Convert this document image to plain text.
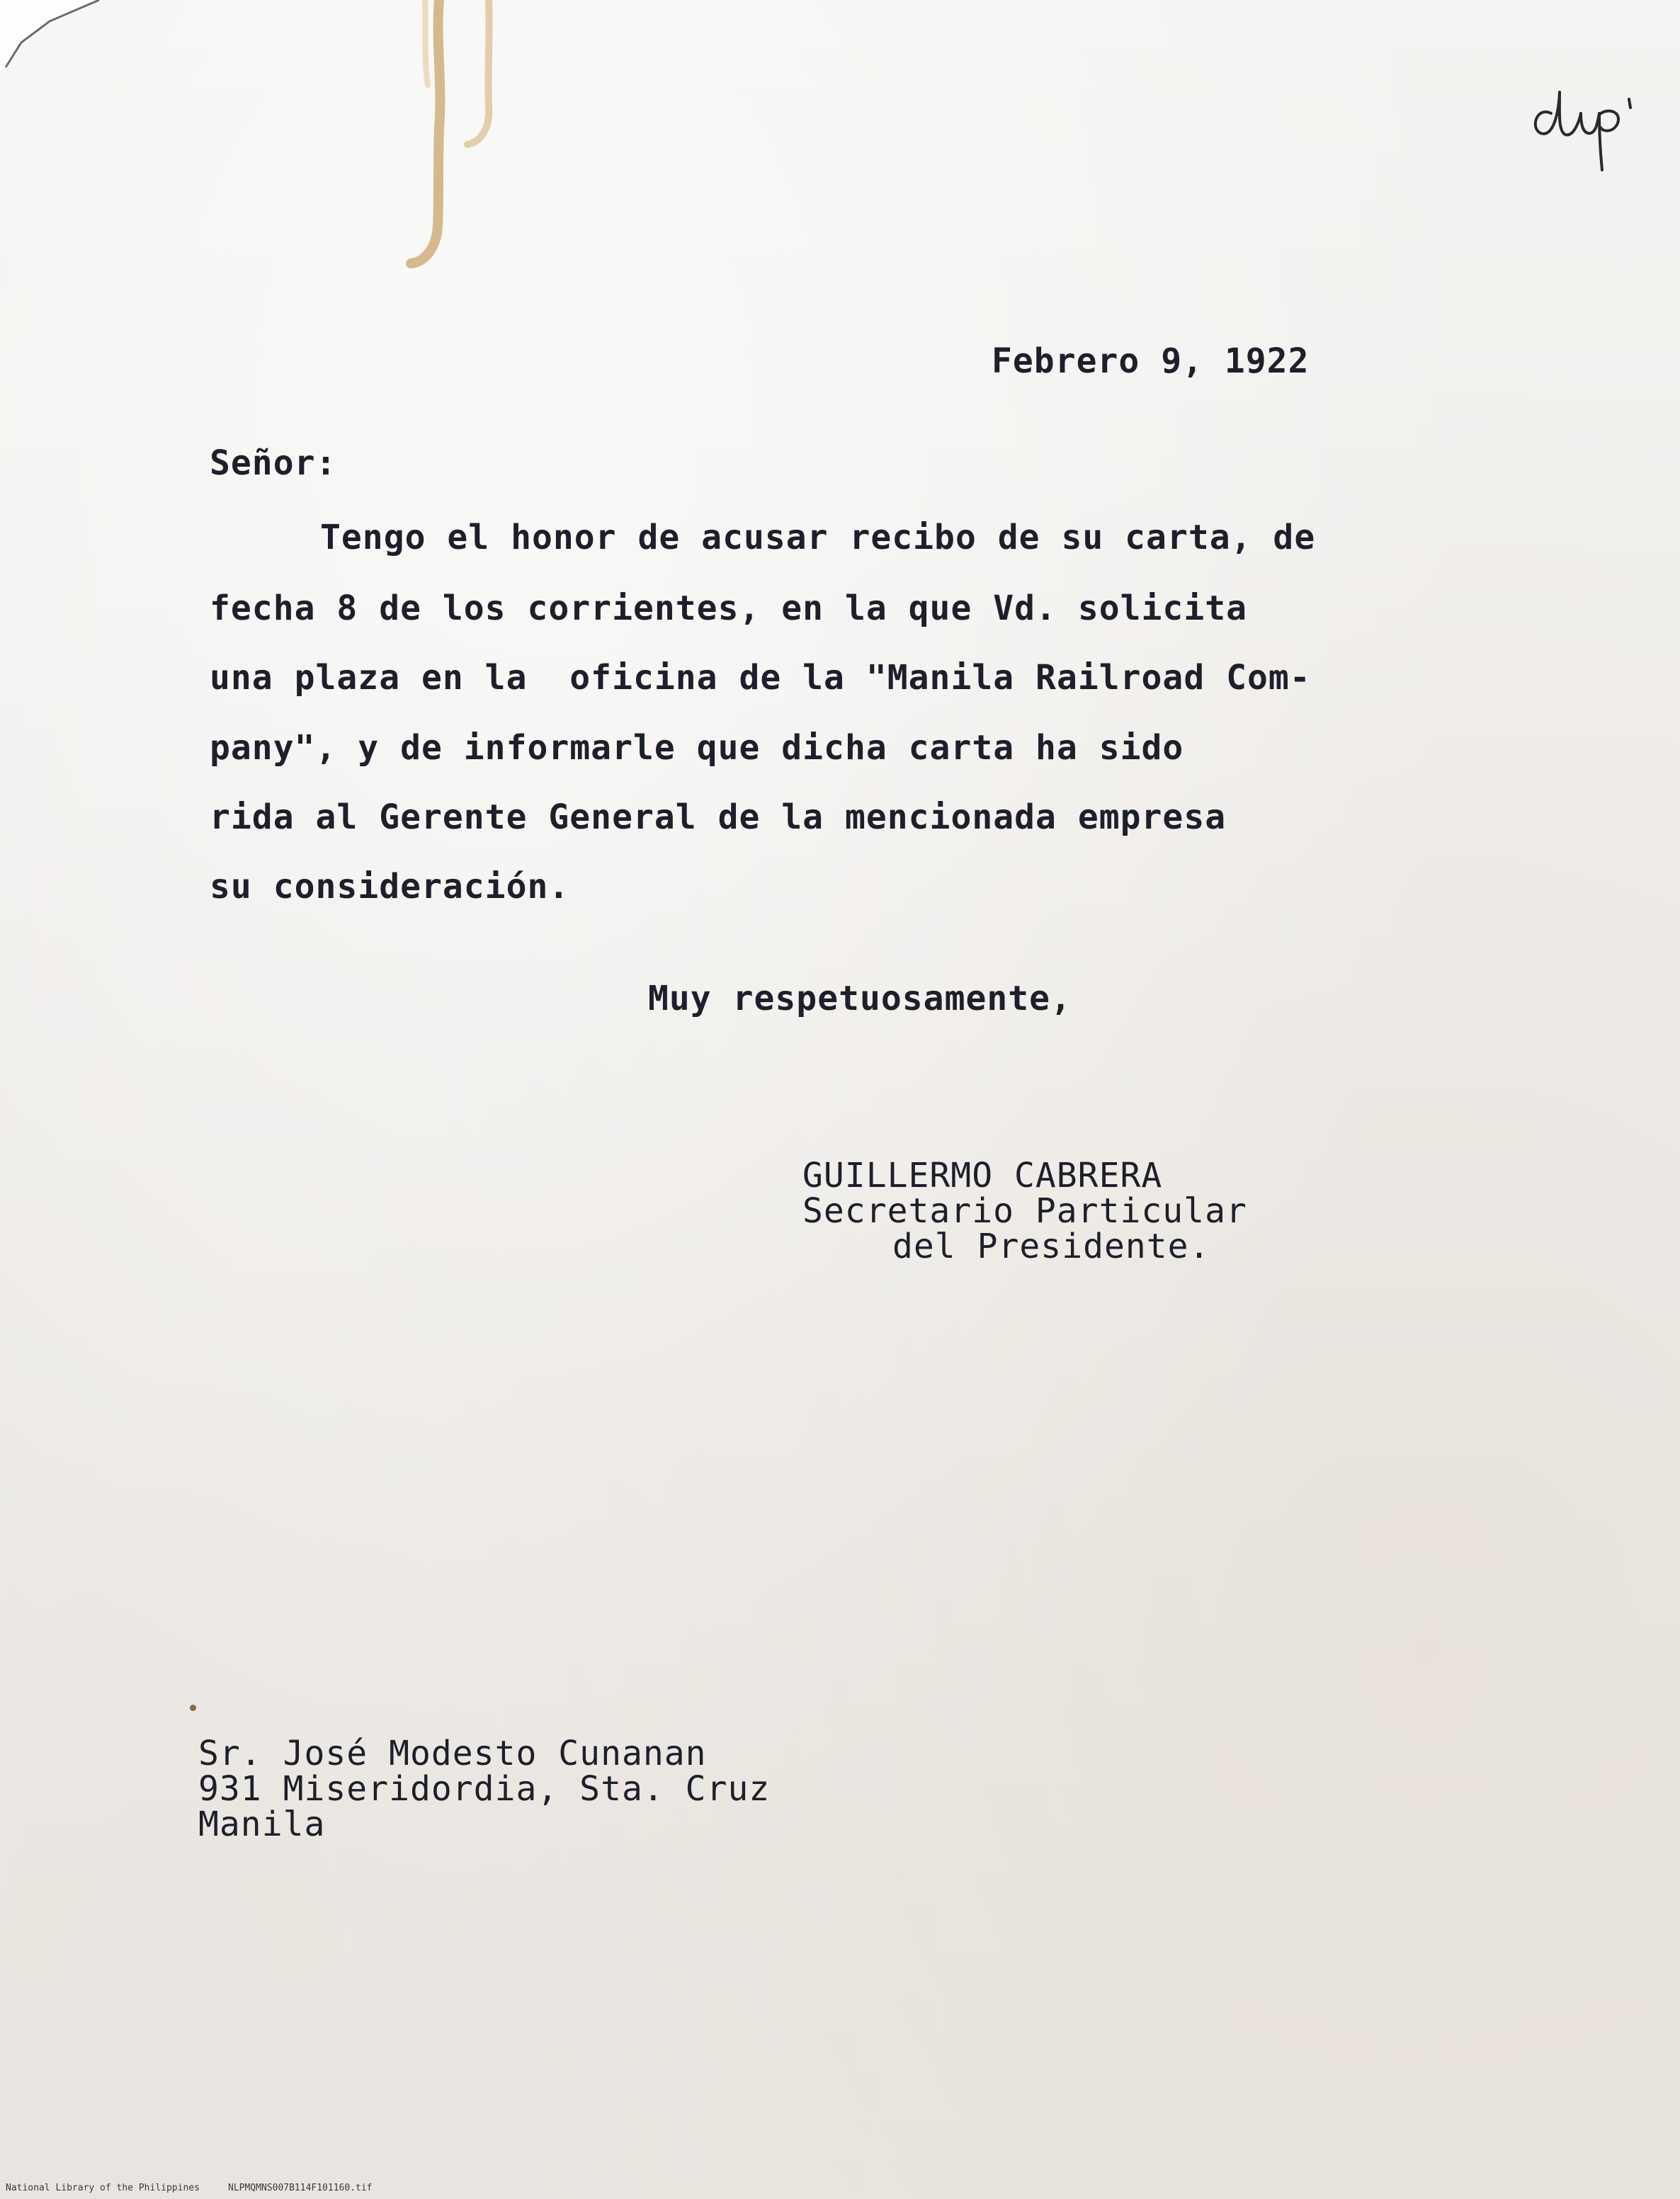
Febrero 9, 1922
Señor:
Tengo el honor de acusar recibo de su carta, de
fecha 8 de los corrientes, en la que Vd. solicita
una plaza en la  oficina de la "Manila Railroad Com-
pany", y de informarle que dicha carta ha sido
rida al Gerente General de la mencionada empresa
su consideración.
Muy respetuosamente,
GUILLERMO CABRERA
Secretario Particular
del Presidente.
Sr. José Modesto Cunanan
931 Miseridordia, Sta. Cruz
Manila
National Library of the Philippines	NLPMQMNS007B114F101160.tif
